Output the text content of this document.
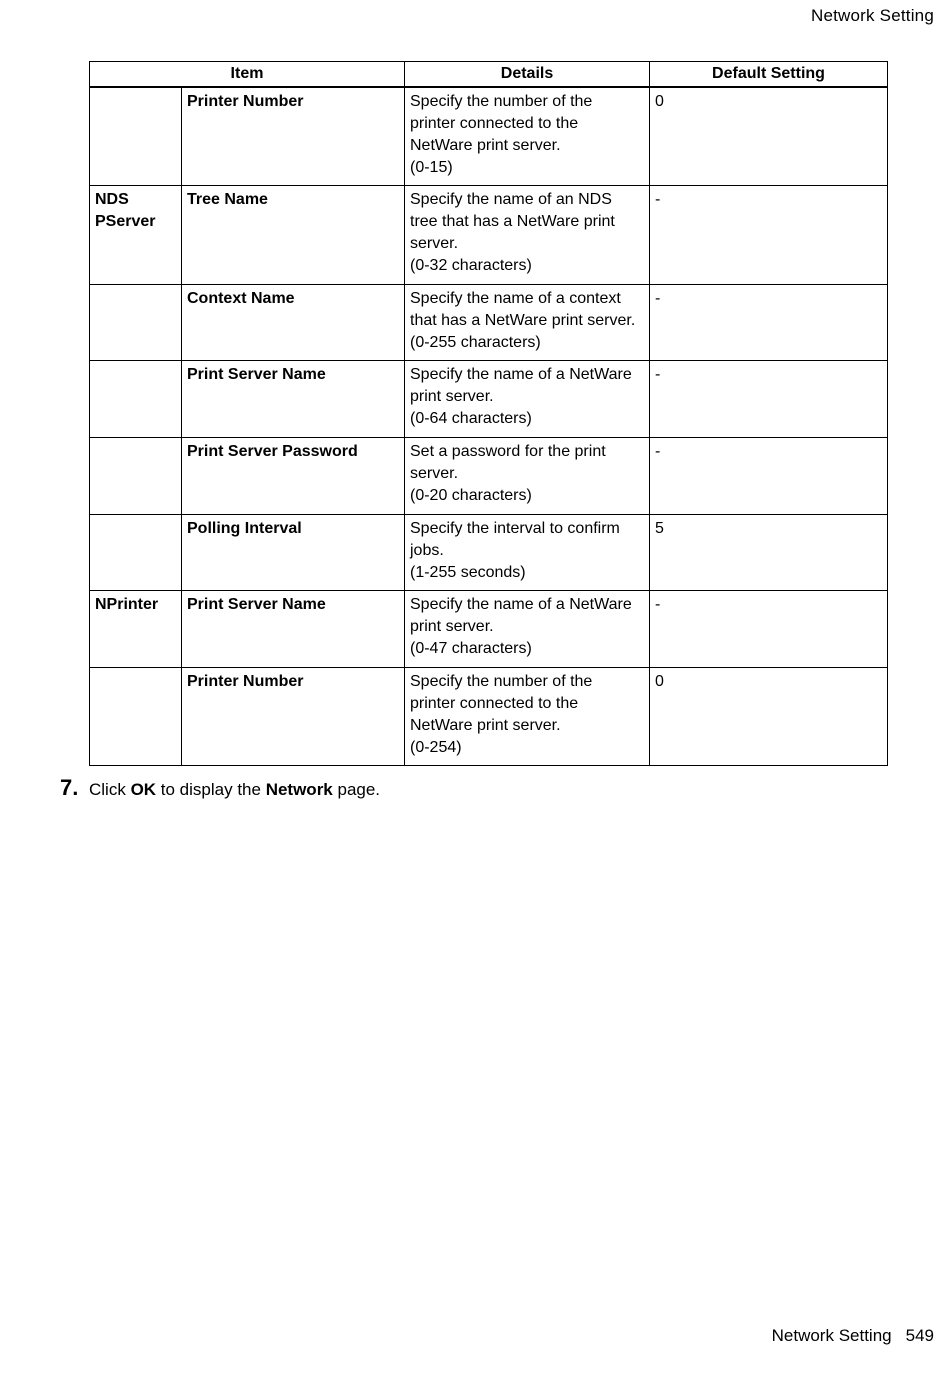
Network Setting
Item		Details	Default Setting
	Printer Number	Specify the number of the
printer connected to the
NetWare print server.
(0-15)	0
NDS PServer	Tree Name	Specify the name of an NDS
tree that has a NetWare print
server.
(0-32 characters)	-
	Context Name	Specify the name of a context
that has a NetWare print server.
(0-255 characters)	-
	Print Server Name	Specify the name of a NetWare
print server.
(0-64 characters)	-
	Print Server Password	Set a password for the print
server.
(0-20 characters)	-
	Polling Interval	Specify the interval to confirm
jobs.
(1-255 seconds)	5
NPrinter	Print Server Name	Specify the name of a NetWare
print server.
(0-47 characters)	-
	Printer Number	Specify the number of the
printer connected to the
NetWare print server.
(0-254)	0
7. Click OK to display the Network page.
Network Setting 549
